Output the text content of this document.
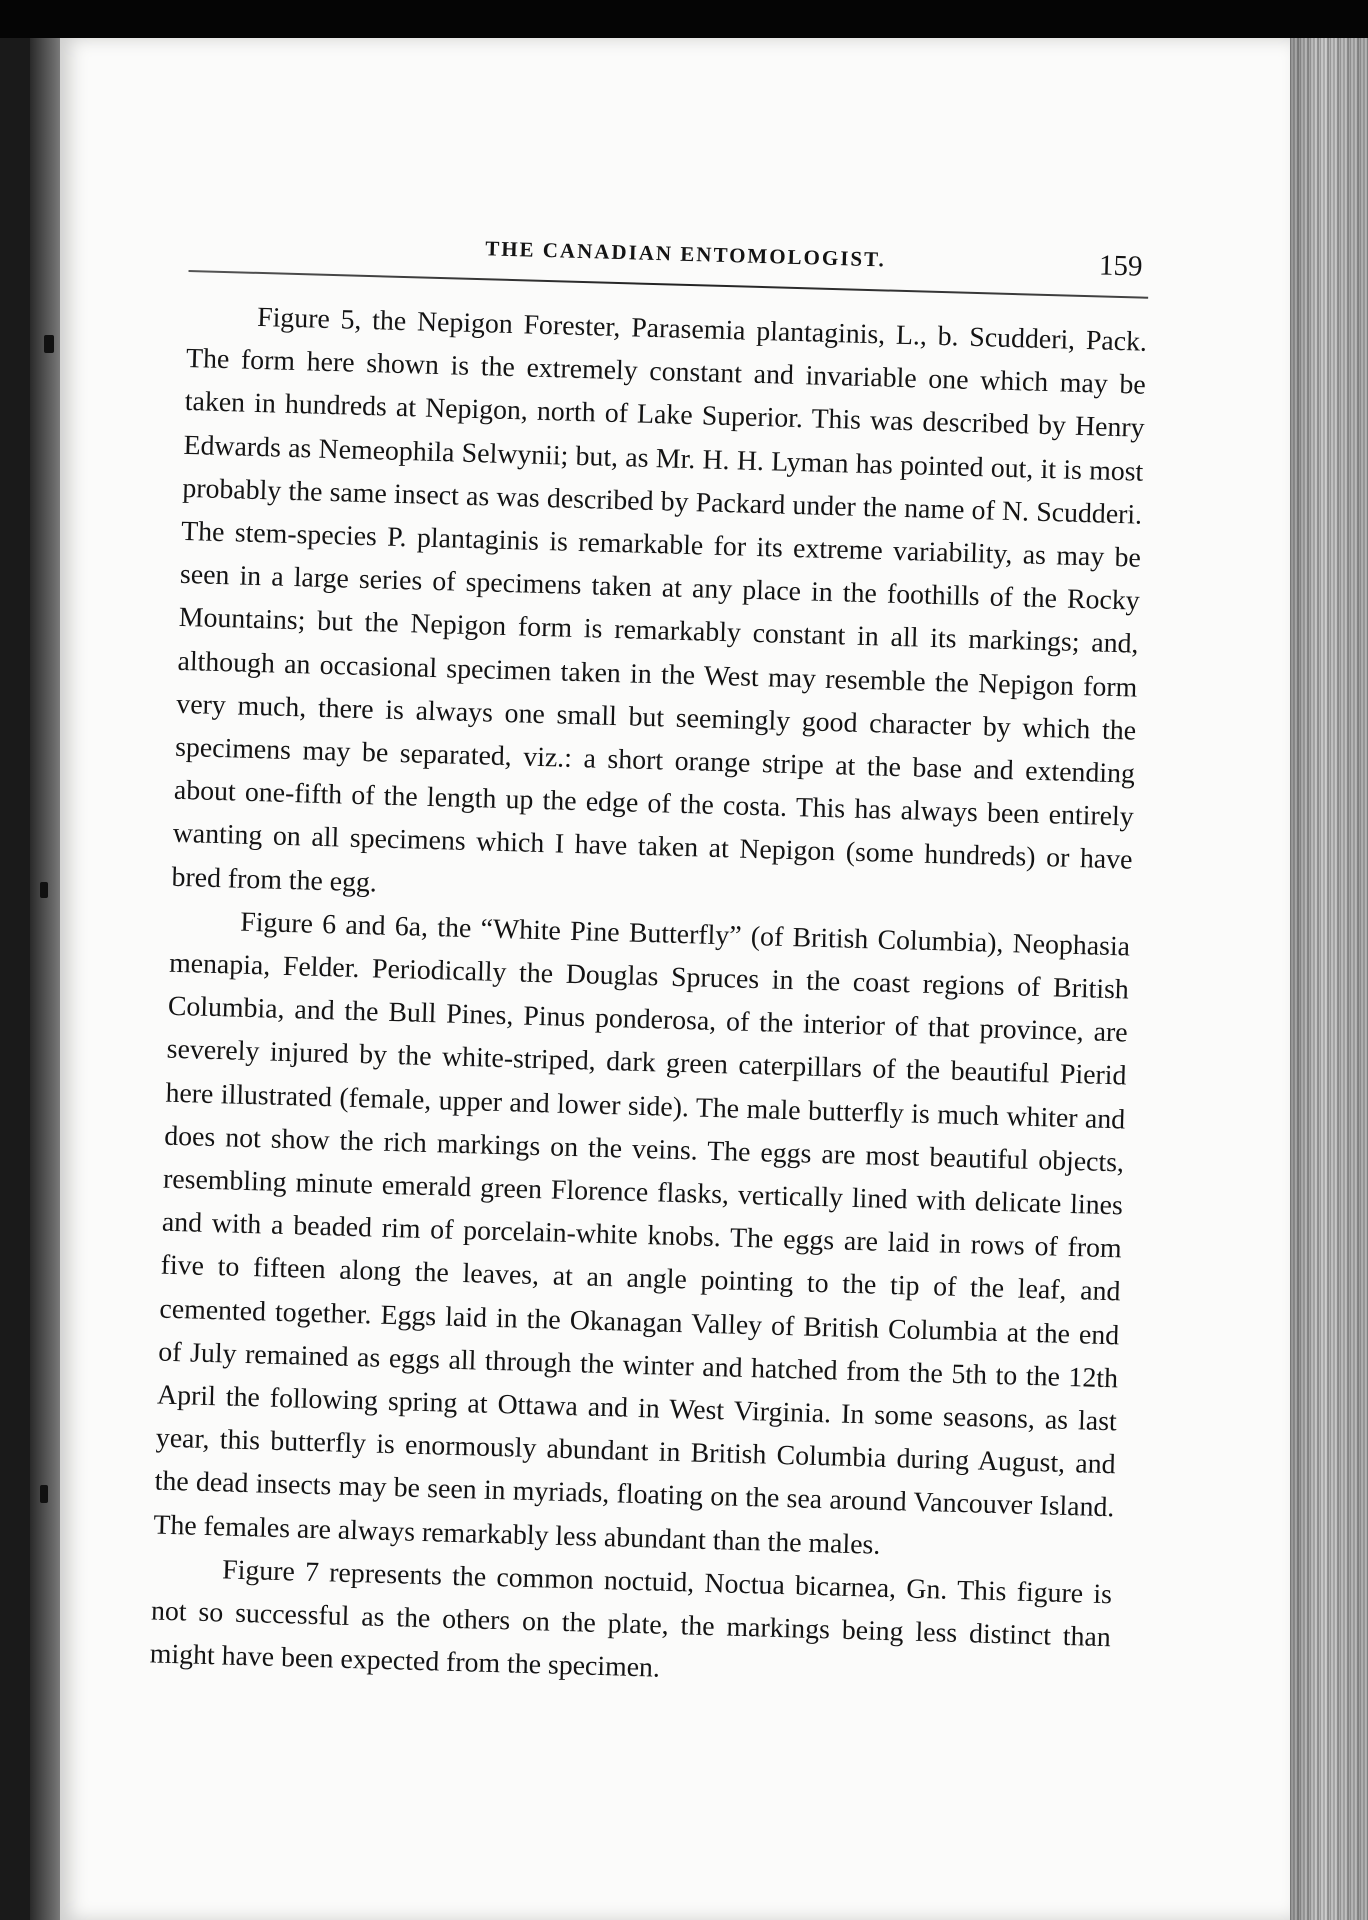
THE CANADIAN ENTOMOLOGIST.	159

Figure 5, the Nepigon Forester, Parasemia plantaginis, L., b. Scudderi, Pack. The form here shown is the extremely constant and invariable one which may be taken in hundreds at Nepigon, north of Lake Superior. This was described by Henry Edwards as Nemeophila Selwynii; but, as Mr. H. H. Lyman has pointed out, it is most probably the same insect as was described by Packard under the name of N. Scudderi. The stem-species P. plantaginis is remarkable for its extreme variability, as may be seen in a large series of specimens taken at any place in the foothills of the Rocky Mountains; but the Nepigon form is remarkably constant in all its markings; and, although an occasional specimen taken in the West may resemble the Nepigon form very much, there is always one small but seemingly good character by which the specimens may be separated, viz.: a short orange stripe at the base and extending about one-fifth of the length up the edge of the costa. This has always been entirely wanting on all specimens which I have taken at Nepigon (some hundreds) or have bred from the egg.

Figure 6 and 6a, the “White Pine Butterfly” (of British Columbia), Neophasia menapia, Felder. Periodically the Douglas Spruces in the coast regions of British Columbia, and the Bull Pines, Pinus ponderosa, of the interior of that province, are severely injured by the white-striped, dark green caterpillars of the beautiful Pierid here illustrated (female, upper and lower side). The male butterfly is much whiter and does not show the rich markings on the veins. The eggs are most beautiful objects, resembling minute emerald green Florence flasks, vertically lined with delicate lines and with a beaded rim of porcelain-white knobs. The eggs are laid in rows of from five to fifteen along the leaves, at an angle pointing to the tip of the leaf, and cemented together. Eggs laid in the Okanagan Valley of British Columbia at the end of July remained as eggs all through the winter and hatched from the 5th to the 12th April the following spring at Ottawa and in West Virginia. In some seasons, as last year, this butterfly is enormously abundant in British Columbia during August, and the dead insects may be seen in myriads, floating on the sea around Vancouver Island. The females are always remarkably less abundant than the males.

Figure 7 represents the common noctuid, Noctua bicarnea, Gn. This figure is not so successful as the others on the plate, the markings being less distinct than might have been expected from the specimen.
